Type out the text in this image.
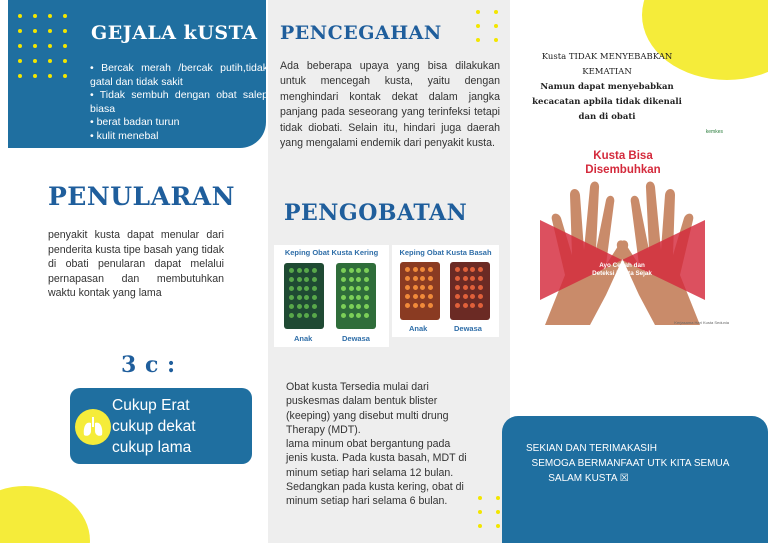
GEJALA kUSTA
• Bercak merah /bercak putih,tidak gatal dan tidak sakit
• Tidak sembuh dengan obat salep biasa
• berat badan turun
• kulit menebal
PENULARAN
penyakit kusta dapat menular dari penderita kusta tipe basah yang tidak di obati penularan dapat melalui pernapasan dan membutuhkan waktu kontak yang lama
3 c :
Cukup Erat
cukup dekat
cukup lama
PENCEGAHAN
Ada beberapa upaya yang bisa dilakukan untuk mencegah kusta, yaitu dengan menghindari kontak dekat dalam jangka panjang pada seseorang yang terinfeksi tetapi tidak diobati. Selain itu, hindari juga daerah yang mengalami endemik dari penyakit kusta.
PENGOBATAN
Keping Obat Kusta Kering
Anak	Dewasa
Keping Obat Kusta Basah
Anak	Dewasa
Obat kusta Tersedia mulai dari
puskesmas dalam bentuk blister
(keeping) yang disebut multi drung
Therapy (MDT).
lama minum obat bergantung pada
jenis kusta. Pada kusta basah, MDT di
minum setiap hari selama 12 bulan.
Sedangkan pada kusta kering, obat di
minum setiap hari selama 6 bulan.
Kusta TIDAK MENYEBABKAN
KEMATIAN
Namun dapat menyebabkan
kecacatan apbila tidak dikenali
dan di obati
kemkes
Kusta Bisa Disembuhkan
Ayo Cegah dan Deteksi Kusta Sejak Dini!
Kerjasama Hari Kusta Sedunia
SEKIAN DAN TERIMAKASIH
SEMOGA BERMANFAAT UTK KITA SEMUA
SALAM KUSTA ☒
